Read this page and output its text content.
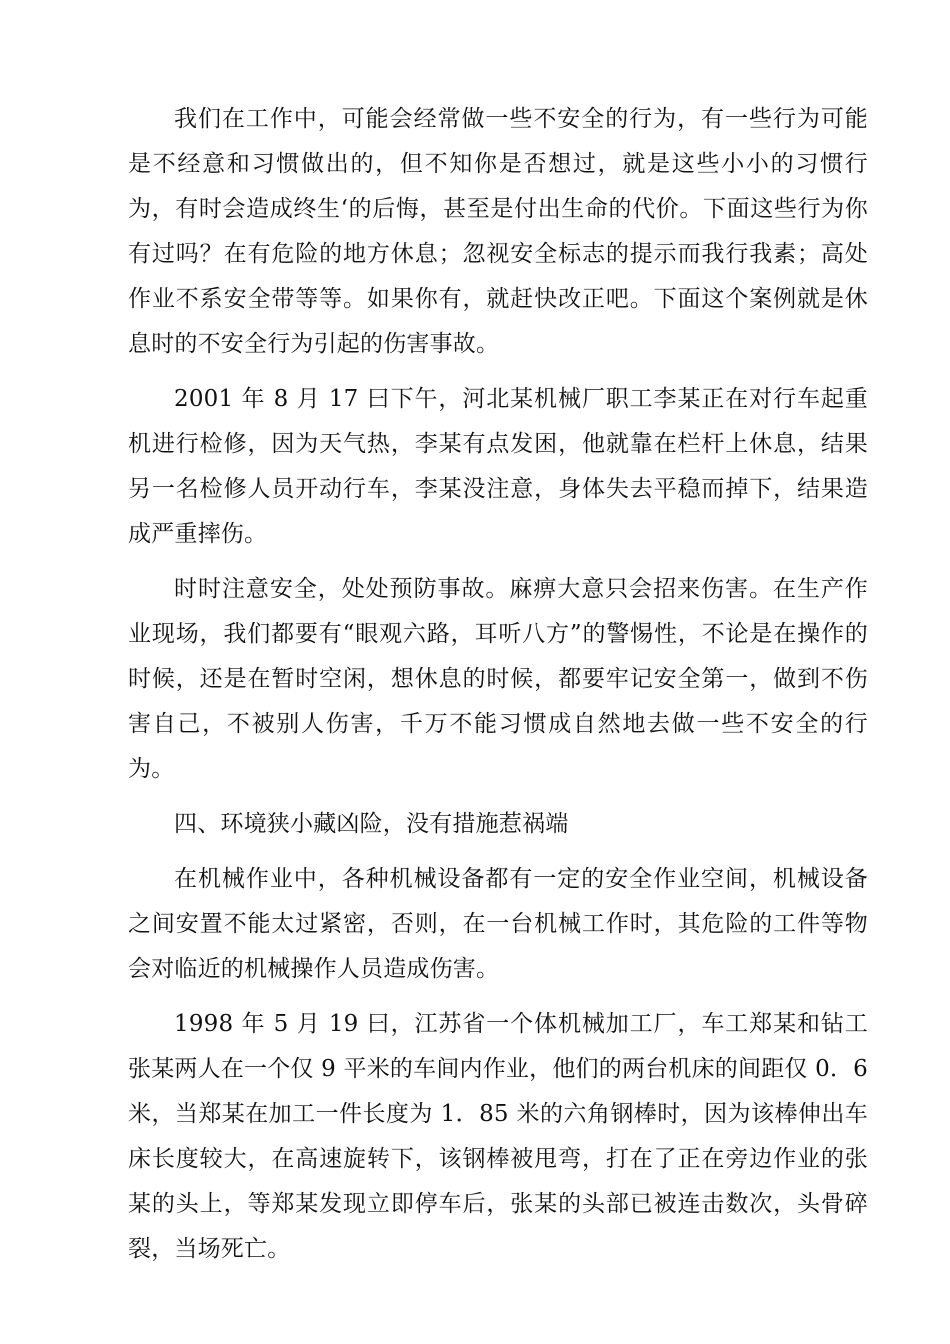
我们在工作中，可能会经常做一些不安全的行为，有一些行为可能是不经意和习惯做出的，但不知你是否想过，就是这些小小的习惯行为，有时会造成终生‘的后悔，甚至是付出生命的代价。下面这些行为你有过吗？在有危险的地方休息；忽视安全标志的提示而我行我素；高处作业不系安全带等等。如果你有，就赶快改正吧。下面这个案例就是休息时的不安全行为引起的伤害事故。

2001 年 8 月 17 曰下午，河北某机械厂职工李某正在对行车起重机进行检修，因为天气热，李某有点发困，他就靠在栏杆上休息，结果另一名检修人员开动行车，李某没注意，身体失去平稳而掉下，结果造成严重摔伤。

时时注意安全，处处预防事故。麻痹大意只会招来伤害。在生产作业现场，我们都要有“眼观六路，耳听八方”的警惕性，不论是在操作的时候，还是在暂时空闲，想休息的时候，都要牢记安全第一，做到不伤害自己，不被别人伤害，千万不能习惯成自然地去做一些不安全的行为。

四、环境狭小藏凶险，没有措施惹祸端

在机械作业中，各种机械设备都有一定的安全作业空间，机械设备之间安置不能太过紧密，否则，在一台机械工作时，其危险的工件等物会对临近的机械操作人员造成伤害。

1998 年 5 月 19 曰，江苏省一个体机械加工厂，车工郑某和钻工张某两人在一个仅 9 平米的车间内作业，他们的两台机床的间距仅 0．6 米，当郑某在加工一件长度为 1．85 米的六角钢棒时，因为该棒伸出车床长度较大，在高速旋转下，该钢棒被甩弯，打在了正在旁边作业的张某的头上，等郑某发现立即停车后，张某的头部已被连击数次，头骨碎裂，当场死亡。
